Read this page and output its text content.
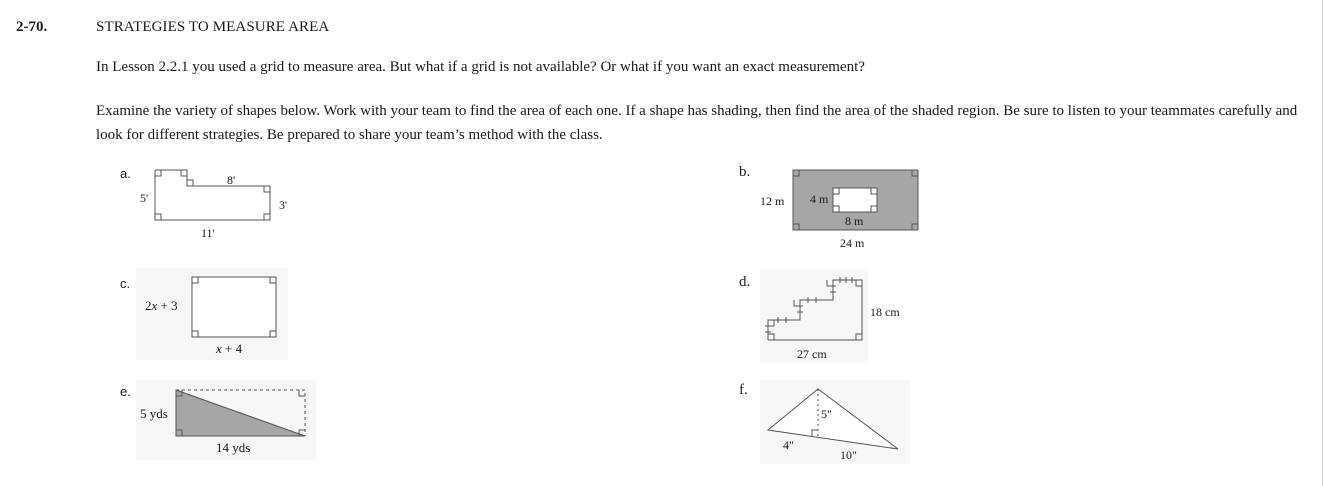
2-70.	STRATEGIES TO MEASURE AREA
In Lesson 2.2.1 you used a grid to measure area. But what if a grid is not available? Or what if you want an exact measurement?
Examine the variety of shapes below. Work with your team to find the area of each one. If a shape has shading, then find the area of the shaded region. Be sure to listen to your teammates carefully and look for different strategies. Be prepared to share your team’s method with the class.
a.	b.
c.	d.
e.	f.
8'
5'	3'
11'
12 m 4 m
8 m
24 m
2x + 3
x + 4
18 cm
27 cm
5 yds
14 yds
5"
4"
10"
